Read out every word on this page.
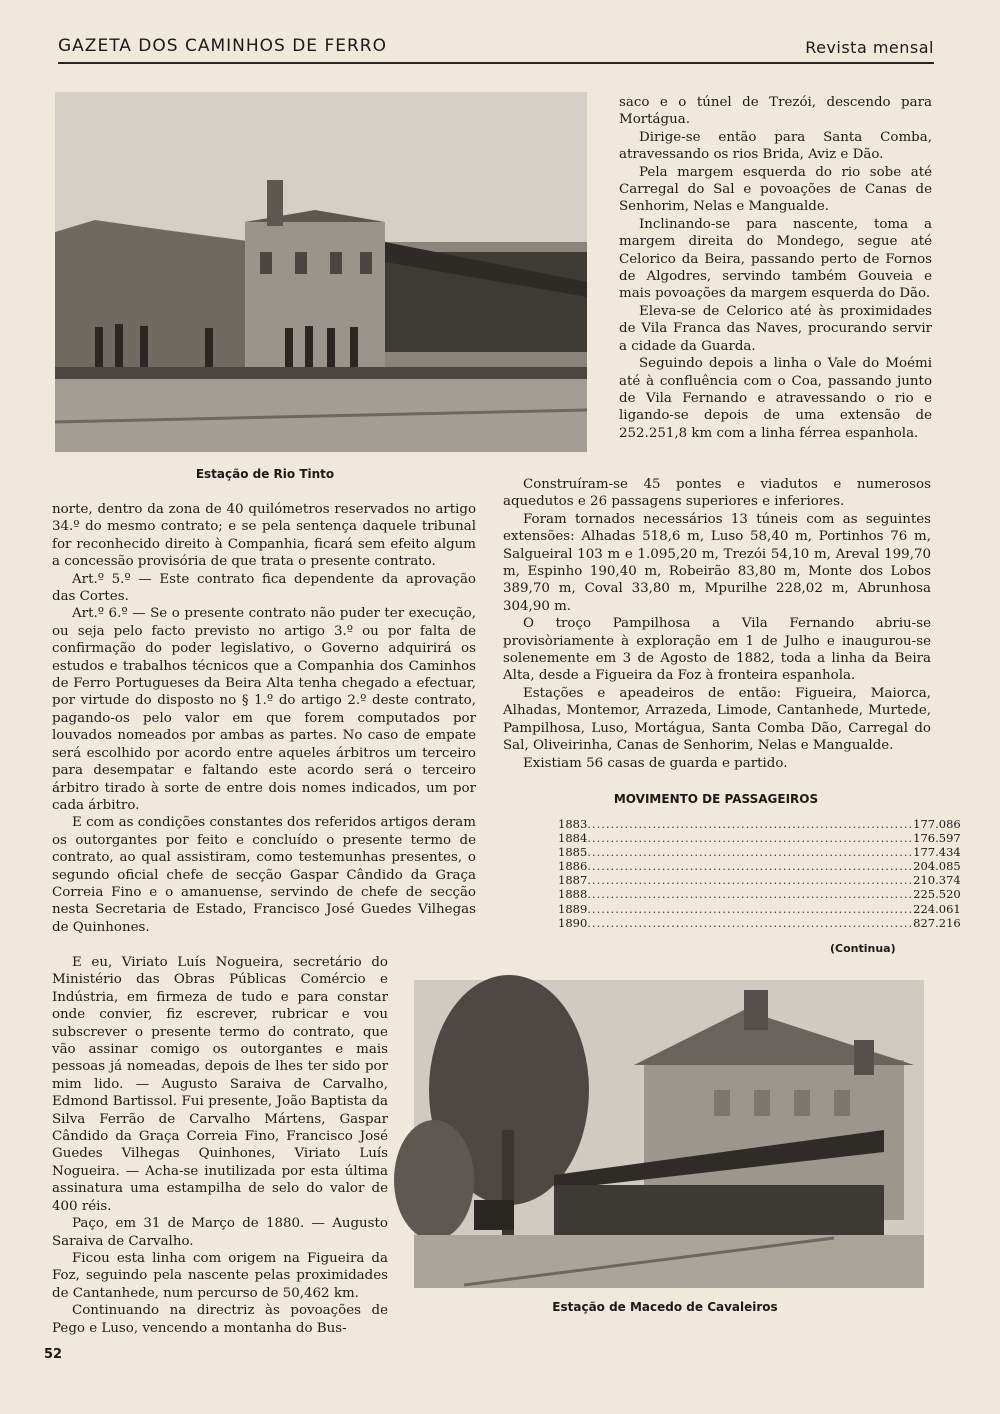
GAZETA DOS CAMINHOS DE FERRO	Revista mensal
Estação de Rio Tinto

norte, dentro da zona de 40 quilómetros reservados no artigo 34.º do mesmo contrato; e se pela sentença daquele tribunal for reconhecido direito à Companhia, ficará sem efeito algum a concessão provisória de que trata o presente contrato.

Art.º 5.º — Este contrato fica dependente da aprovação das Cortes.

Art.º 6.º — Se o presente contrato não puder ter execução, ou seja pelo facto previsto no artigo 3.º ou por falta de confirmação do poder legislativo, o Governo adquirirá os estudos e trabalhos técnicos que a Companhia dos Caminhos de Ferro Portugueses da Beira Alta tenha chegado a efectuar, por virtude do disposto no § 1.º do artigo 2.º deste contrato, pagando-os pelo valor em que forem computados por louvados nomeados por ambas as partes. No caso de empate será escolhido por acordo entre aqueles árbitros um terceiro para desempatar e faltando este acordo será o terceiro árbitro tirado à sorte de entre dois nomes indicados, um por cada árbitro.

E com as condições constantes dos referidos artigos deram os outorgantes por feito e concluído o presente termo de contrato, ao qual assistiram, como testemunhas presentes, o segundo oficial chefe de secção Gaspar Cândido da Graça Correia Fino e o amanuense, servindo de chefe de secção nesta Secretaria de Estado, Francisco José Guedes Vilhegas de Quinhones.

E eu, Viriato Luís Nogueira, secretário do Ministério das Obras Públicas Comércio e Indústria, em firmeza de tudo e para constar onde convier, fiz escrever, rubricar e vou subscrever o presente termo do contrato, que vão assinar comigo os outorgantes e mais pessoas já nomeadas, depois de lhes ter sido por mim lido. — Augusto Saraiva de Carvalho, Edmond Bartissol. Fui presente, João Baptista da Silva Ferrão de Carvalho Mártens, Gaspar Cândido da Graça Correia Fino, Francisco José Guedes Vilhegas Quinhones, Viriato Luís Nogueira. — Acha-se inutilizada por esta última assinatura uma estampilha de selo do valor de 400 réis.

Paço, em 31 de Março de 1880. — Augusto Saraiva de Carvalho.

Ficou esta linha com origem na Figueira da Foz, seguindo pela nascente pelas proximidades de Cantanhede, num percurso de 50,462 km.

Continuando na directriz às povoações de Pego e Luso, vencendo a montanha do Bus-

saco e o túnel de Trezói, descendo para Mortágua.

Dirige-se então para Santa Comba, atravessando os rios Brida, Aviz e Dão.

Pela margem esquerda do rio sobe até Carregal do Sal e povoações de Canas de Senhorim, Nelas e Mangualde.

Inclinando-se para nascente, toma a margem direita do Mondego, segue até Celorico da Beira, passando perto de Fornos de Algodres, servindo também Gouveia e mais povoações da margem esquerda do Dão.

Eleva-se de Celorico até às proximidades de Vila Franca das Naves, procurando servir a cidade da Guarda.

Seguindo depois a linha o Vale do Moémi até à confluência com o Coa, passando junto de Vila Fernando e atravessando o rio e ligando-se depois de uma extensão de 252.251,8 km com a linha férrea espanhola.

Construíram-se 45 pontes e viadutos e numerosos aquedutos e 26 passagens superiores e inferiores.

Foram tornados necessários 13 túneis com as seguintes extensões: Alhadas 518,6 m, Luso 58,40 m, Portinhos 76 m, Salgueiral 103 m e 1.095,20 m, Trezói 54,10 m, Areval 199,70 m, Espinho 190,40 m, Robeirão 83,80 m, Monte dos Lobos 389,70 m, Coval 33,80 m, Mpurilhe 228,02 m, Abrunhosa 304,90 m.

O troço Pampilhosa a Vila Fernando abriu-se provisòriamente à exploração em 1 de Julho e inaugurou-se solenemente em 3 de Agosto de 1882, toda a linha da Beira Alta, desde a Figueira da Foz à fronteira espanhola.

Estações e apeadeiros de então: Figueira, Maiorca, Alhadas, Montemor, Arrazeda, Limode, Cantanhede, Murtede, Pampilhosa, Luso, Mortágua, Santa Comba Dão, Carregal do Sal, Oliveirinha, Canas de Senhorim, Nelas e Mangualde.

Existiam 56 casas de guarda e partido.

MOVIMENTO DE PASSAGEIROS
1883 ...................................................................... 177.086
1884 ...................................................................... 176.597
1885 ...................................................................... 177.434
1886 ...................................................................... 204.085
1887 ...................................................................... 210.374
1888 ...................................................................... 225.520
1889 ...................................................................... 224.061
1890 ...................................................................... 827.216
(Continua)
Estação de Macedo de Cavaleiros
52
